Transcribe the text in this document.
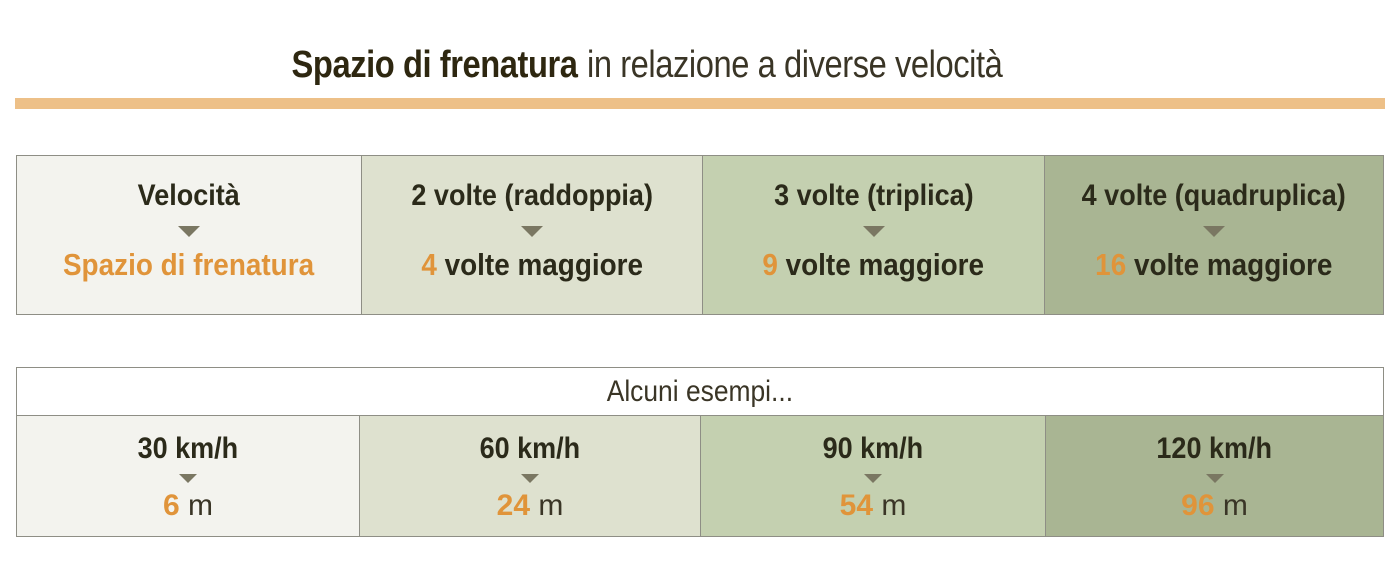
Spazio di frenatura in relazione a diverse velocità
Velocità
Spazio di frenatura
2 volte (raddoppia)
4 volte maggiore
3 volte (triplica)
9 volte maggiore
4 volte (quadruplica)
16 volte maggiore
Alcuni esempi...
30 km/h
6 m
60 km/h
24 m
90 km/h
54 m
120 km/h
96 m
